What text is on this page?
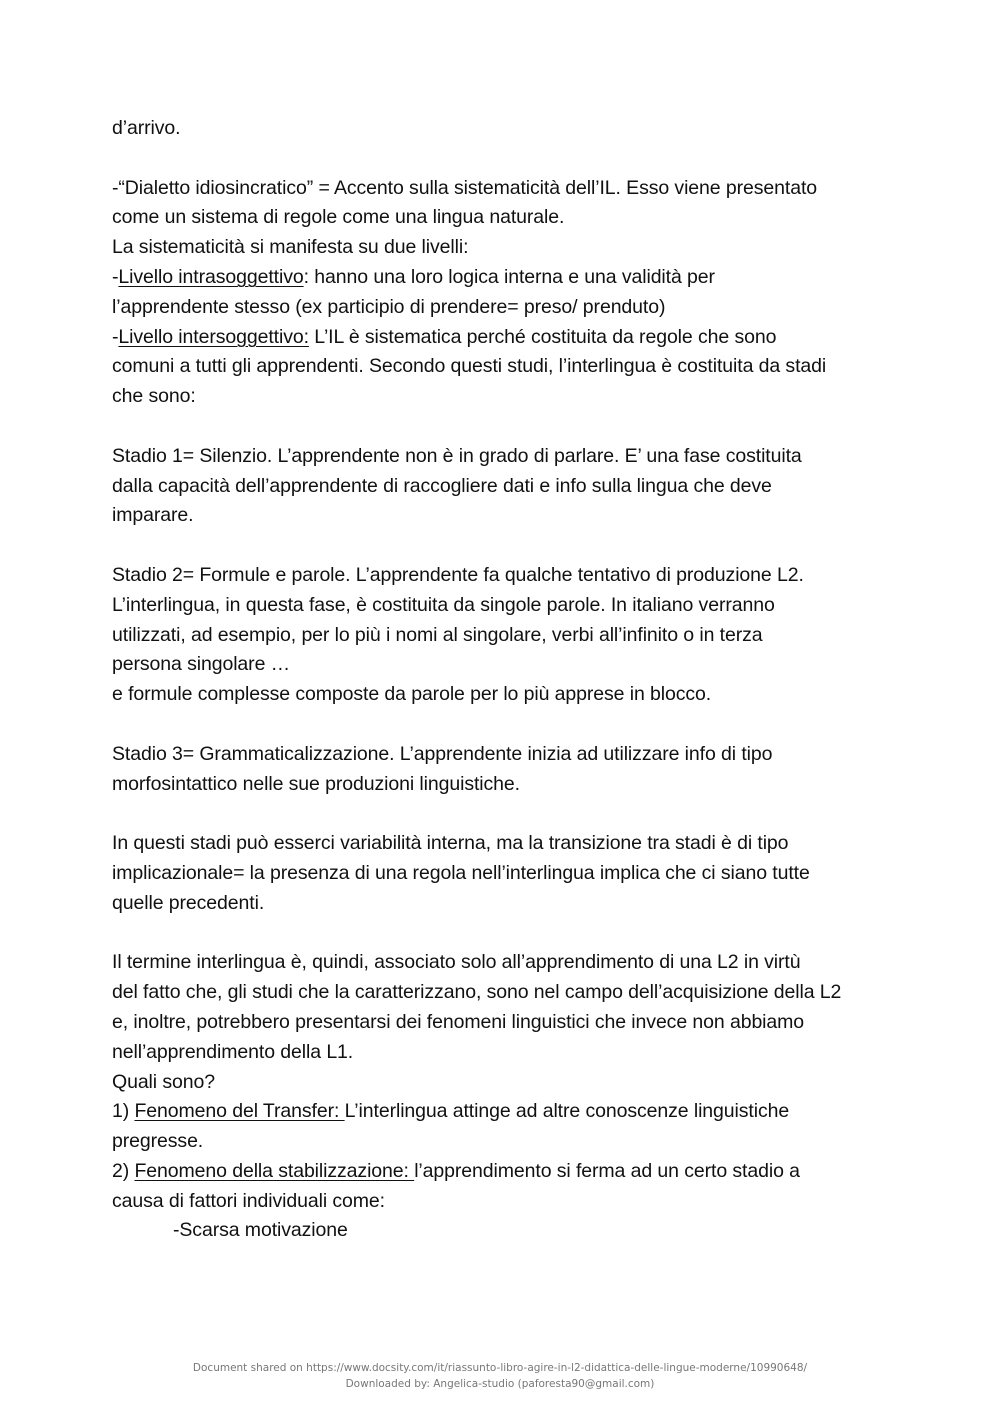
d’arrivo.
-“Dialetto idiosincratico” = Accento sulla sistematicità dell’IL. Esso viene presentato
come un sistema di regole come una lingua naturale.
La sistematicità si manifesta su due livelli:
-Livello intrasoggettivo: hanno una loro logica interna e una validità per
l’apprendente stesso (ex participio di prendere= preso/ prenduto)
-Livello intersoggettivo: L’IL è sistematica perché costituita da regole che sono
comuni a tutti gli apprendenti. Secondo questi studi, l’interlingua è costituita da stadi
che sono:
Stadio 1= Silenzio. L’apprendente non è in grado di parlare. E’ una fase costituita
dalla capacità dell’apprendente di raccogliere dati e info sulla lingua che deve
imparare.
Stadio 2= Formule e parole. L’apprendente fa qualche tentativo di produzione L2.
L’interlingua, in questa fase, è costituita da singole parole. In italiano verranno
utilizzati, ad esempio, per lo più i nomi al singolare, verbi all’infinito o in terza
persona singolare …
e formule complesse composte da parole per lo più apprese in blocco.
Stadio 3= Grammaticalizzazione. L’apprendente inizia ad utilizzare info di tipo
morfosintattico nelle sue produzioni linguistiche.
In questi stadi può esserci variabilità interna, ma la transizione tra stadi è di tipo
implicazionale= la presenza di una regola nell’interlingua implica che ci siano tutte
quelle precedenti.
Il termine interlingua è, quindi, associato solo all’apprendimento di una L2 in virtù
del fatto che, gli studi che la caratterizzano, sono nel campo dell’acquisizione della L2
e, inoltre, potrebbero presentarsi dei fenomeni linguistici che invece non abbiamo
nell’apprendimento della L1.
Quali sono?
1) Fenomeno del Transfer: L’interlingua attinge ad altre conoscenze linguistiche
pregresse.
2) Fenomeno della stabilizzazione: l’apprendimento si ferma ad un certo stadio a
causa di fattori individuali come:
-Scarsa motivazione
Document shared on https://www.docsity.com/it/riassunto-libro-agire-in-l2-didattica-delle-lingue-moderne/10990648/
Downloaded by: Angelica-studio (paforesta90@gmail.com)
